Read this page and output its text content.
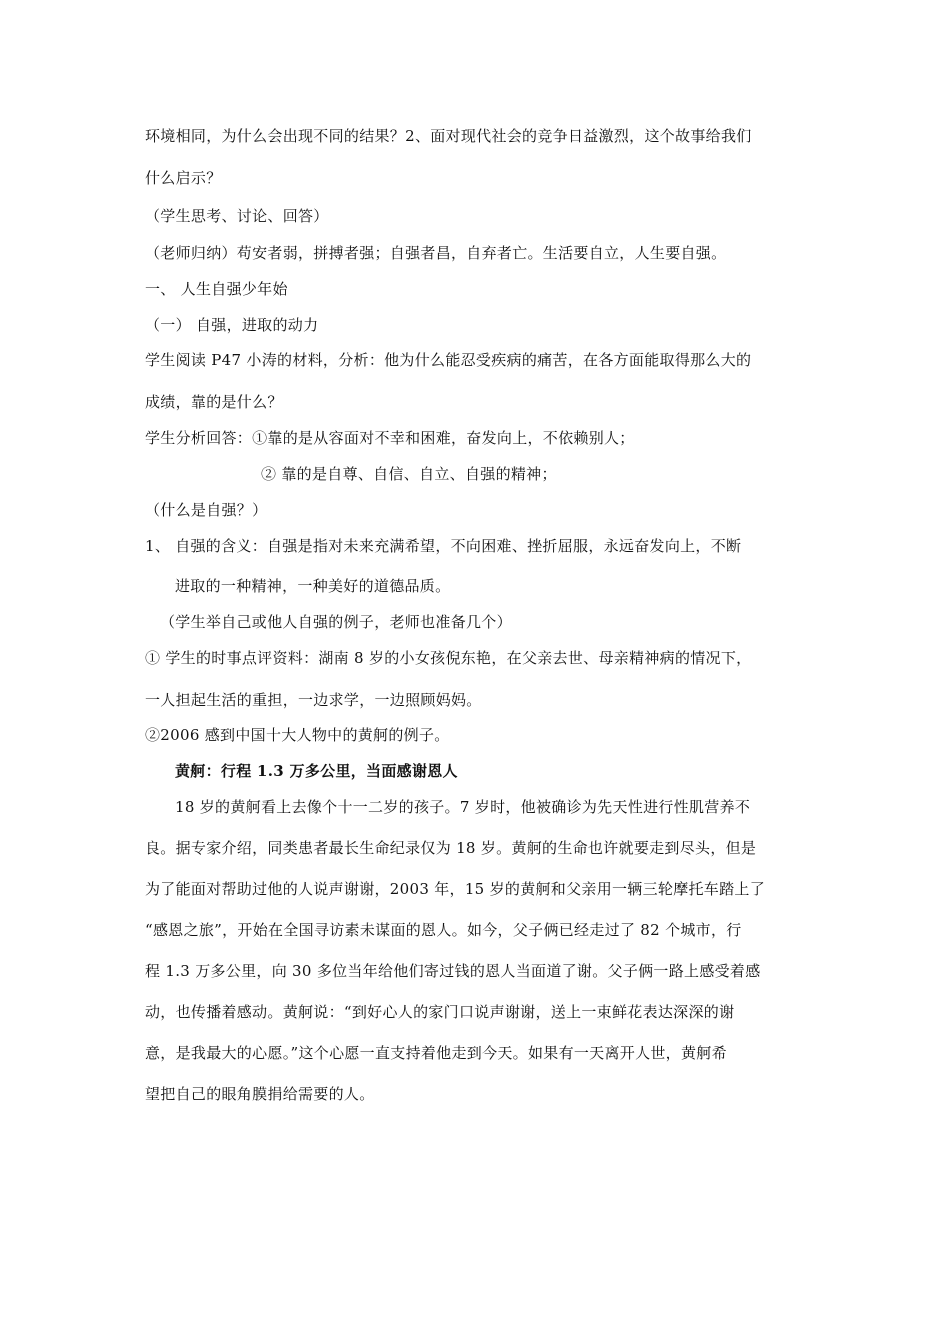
环境相同，为什么会出现不同的结果？2、面对现代社会的竞争日益激烈，这个故事给我们
什么启示？
（学生思考、讨论、回答）
（老师归纳）苟安者弱，拼搏者强；自强者昌，自弃者亡。生活要自立，人生要自强。
一、 人生自强少年始
（一） 自强，进取的动力
学生阅读 P47 小涛的材料，分析：他为什么能忍受疾病的痛苦，在各方面能取得那么大的
成绩，靠的是什么？
学生分析回答：①靠的是从容面对不幸和困难，奋发向上，不依赖别人；
② 靠的是自尊、自信、自立、自强的精神；
（什么是自强？）
1、 自强的含义：自强是指对未来充满希望，不向困难、挫折屈服，永远奋发向上，不断
进取的一种精神，一种美好的道德品质。
（学生举自己或他人自强的例子，老师也准备几个）
① 学生的时事点评资料：湖南 8 岁的小女孩倪东艳，在父亲去世、母亲精神病的情况下，
一人担起生活的重担，一边求学，一边照顾妈妈。
②2006 感到中国十大人物中的黄舸的例子。
黄舸：行程 1.3 万多公里，当面感谢恩人
18 岁的黄舸看上去像个十一二岁的孩子。7 岁时，他被确诊为先天性进行性肌营养不
良。据专家介绍，同类患者最长生命纪录仅为 18 岁。黄舸的生命也许就要走到尽头，但是
为了能面对帮助过他的人说声谢谢，2003 年，15 岁的黄舸和父亲用一辆三轮摩托车踏上了
“感恩之旅”，开始在全国寻访素未谋面的恩人。如今，父子俩已经走过了 82 个城市，行
程 1.3 万多公里，向 30 多位当年给他们寄过钱的恩人当面道了谢。父子俩一路上感受着感
动，也传播着感动。黄舸说：“到好心人的家门口说声谢谢，送上一束鲜花表达深深的谢
意，是我最大的心愿。”这个心愿一直支持着他走到今天。如果有一天离开人世，黄舸希
望把自己的眼角膜捐给需要的人。
